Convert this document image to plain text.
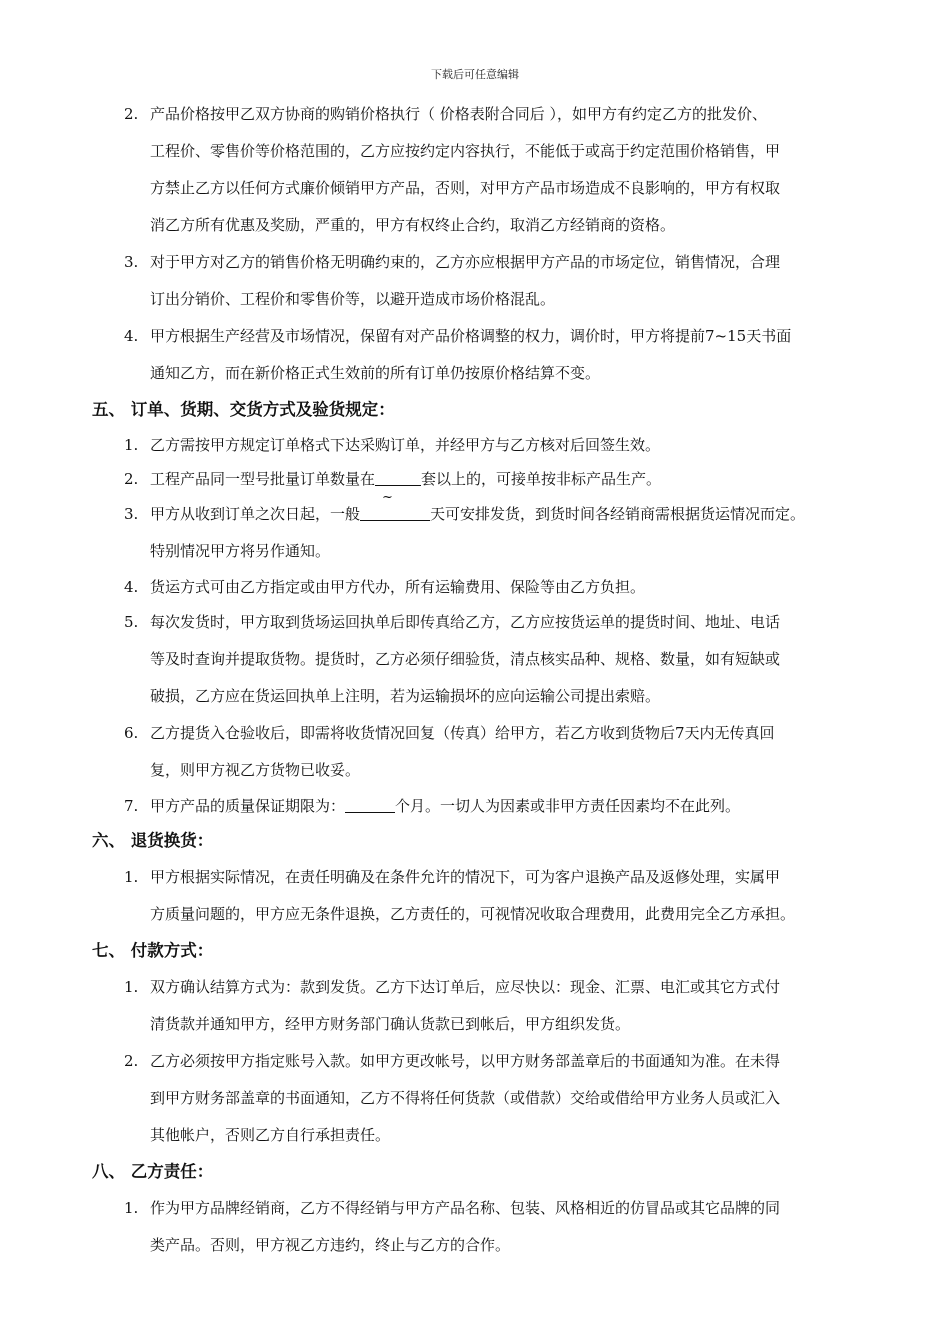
下载后可任意编辑
2. 产品价格按甲乙双方协商的购销价格执行（ 价格表附合同后 ），如甲方有约定乙方的批发价、
工程价、零售价等价格范围的，乙方应按约定内容执行，不能低于或高于约定范围价格销售，甲
方禁止乙方以任何方式廉价倾销甲方产品，否则，对甲方产品市场造成不良影响的，甲方有权取
消乙方所有优惠及奖励，严重的，甲方有权终止合约，取消乙方经销商的资格。
3. 对于甲方对乙方的销售价格无明确约束的，乙方亦应根据甲方产品的市场定位，销售情况，合理
订出分销价、工程价和零售价等，以避开造成市场价格混乱。
4. 甲方根据生产经营及市场情况，保留有对产品价格调整的权力，调价时，甲方将提前7~15天书面
通知乙方，而在新价格正式生效前的所有订单仍按原价格结算不变。
五、 订单、货期、交货方式及验货规定：
1. 乙方需按甲方规定订单格式下达采购订单，并经甲方与乙方核对后回签生效。
2. 工程产品同一型号批量订单数量在	套以上的，可接单按非标产品生产。
3. 甲方从收到订单之次日起，一般
~
天可安排发货，到货时间各经销商需根据货运情况而定。
特别情况甲方将另作通知。
4. 货运方式可由乙方指定或由甲方代办，所有运输费用、保险等由乙方负担。
5. 每次发货时，甲方取到货场运回执单后即传真给乙方，乙方应按货运单的提货时间、地址、电话
等及时查询并提取货物。提货时，乙方必须仔细验货，清点核实品种、规格、数量，如有短缺或
破损，乙方应在货运回执单上注明，若为运输损坏的应向运输公司提出索赔。
6. 乙方提货入仓验收后，即需将收货情况回复（传真）给甲方，若乙方收到货物后7天内无传真回
复，则甲方视乙方货物已收妥。
7. 甲方产品的质量保证期限为：	个月。一切人为因素或非甲方责任因素均不在此列。
六、 退货换货：
1. 甲方根据实际情况，在责任明确及在条件允许的情况下，可为客户退换产品及返修处理，实属甲
方质量问题的，甲方应无条件退换，乙方责任的，可视情况收取合理费用，此费用完全乙方承担。
七、 付款方式：
1. 双方确认结算方式为：款到发货。乙方下达订单后，应尽快以：现金、汇票、电汇或其它方式付
清货款并通知甲方，经甲方财务部门确认货款已到帐后，甲方组织发货。
2. 乙方必须按甲方指定账号入款。如甲方更改帐号，以甲方财务部盖章后的书面通知为准。在未得
到甲方财务部盖章的书面通知，乙方不得将任何货款（或借款）交给或借给甲方业务人员或汇入
其他帐户，否则乙方自行承担责任。
八、 乙方责任：
1. 作为甲方品牌经销商，乙方不得经销与甲方产品名称、包装、风格相近的仿冒品或其它品牌的同
类产品。否则，甲方视乙方违约，终止与乙方的合作。
